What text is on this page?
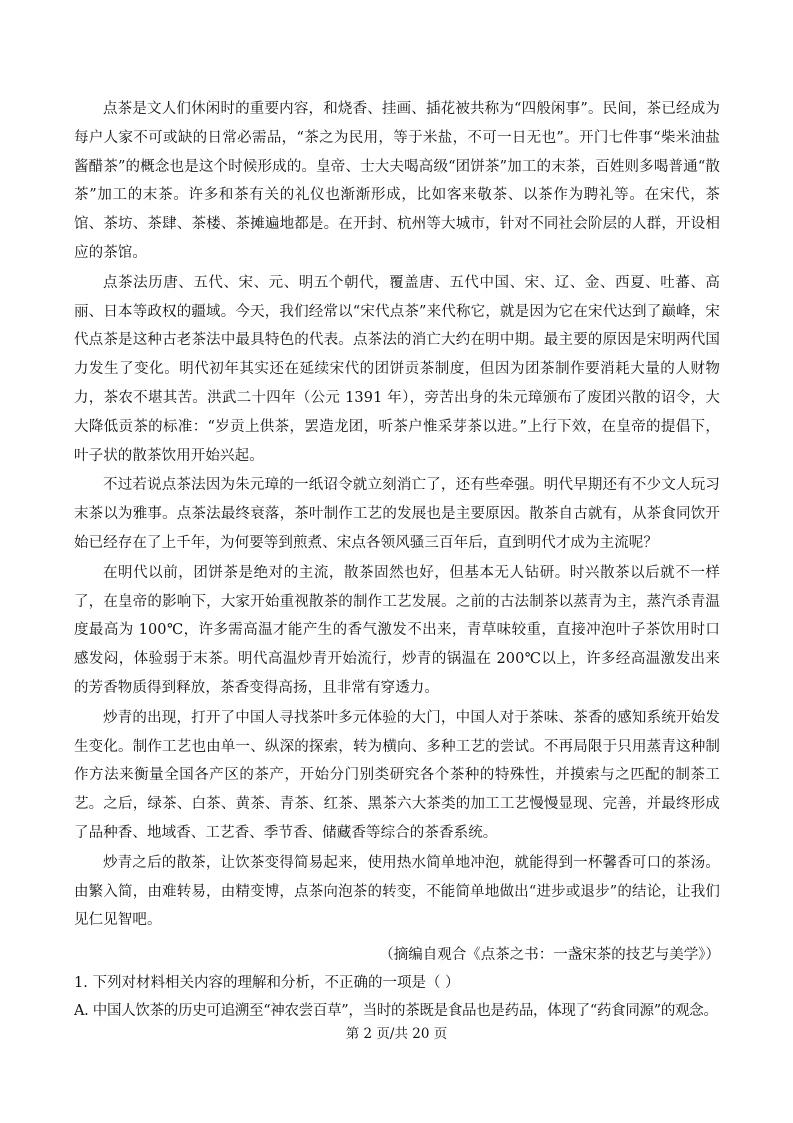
点茶是文人们休闲时的重要内容，和烧香、挂画、插花被共称为“四般闲事”。民间，茶已经成为每户人家不可或缺的日常必需品，“茶之为民用，等于米盐，不可一日无也”。开门七件事“柴米油盐酱醋茶”的概念也是这个时候形成的。皇帝、士大夫喝高级“团饼茶”加工的末茶，百姓则多喝普通“散茶”加工的末茶。许多和茶有关的礼仪也渐渐形成，比如客来敬茶、以茶作为聘礼等。在宋代，茶馆、茶坊、茶肆、茶楼、茶摊遍地都是。在开封、杭州等大城市，针对不同社会阶层的人群，开设相应的茶馆。

点茶法历唐、五代、宋、元、明五个朝代，覆盖唐、五代中国、宋、辽、金、西夏、吐蕃、高丽、日本等政权的疆域。今天，我们经常以“宋代点茶”来代称它，就是因为它在宋代达到了巅峰，宋代点茶是这种古老茶法中最具特色的代表。点茶法的消亡大约在明中期。最主要的原因是宋明两代国力发生了变化。明代初年其实还在延续宋代的团饼贡茶制度，但因为团茶制作要消耗大量的人财物力，茶农不堪其苦。洪武二十四年（公元 1391 年），旁苦出身的朱元璋颁布了废团兴散的诏令，大大降低贡茶的标准：“岁贡上供茶，罢造龙团，听茶户惟采芽茶以进。”上行下效，在皇帝的提倡下，叶子状的散茶饮用开始兴起。

不过若说点茶法因为朱元璋的一纸诏令就立刻消亡了，还有些牵强。明代早期还有不少文人玩习末茶以为雅事。点茶法最终衰落，茶叶制作工艺的发展也是主要原因。散茶自古就有，从茶食同饮开始已经存在了上千年，为何要等到煎煮、宋点各领风骚三百年后，直到明代才成为主流呢？

在明代以前，团饼茶是绝对的主流，散茶固然也好，但基本无人钻研。时兴散茶以后就不一样了，在皇帝的影响下，大家开始重视散茶的制作工艺发展。之前的古法制茶以蒸青为主，蒸汽杀青温度最高为 100℃，许多需高温才能产生的香气激发不出来，青草味较重，直接冲泡叶子茶饮用时口感发闷，体验弱于末茶。明代高温炒青开始流行，炒青的锅温在 200℃以上，许多经高温激发出来的芳香物质得到释放，茶香变得高扬，且非常有穿透力。

炒青的出现，打开了中国人寻找茶叶多元体验的大门，中国人对于茶味、茶香的感知系统开始发生变化。制作工艺也由单一、纵深的探索，转为横向、多种工艺的尝试。不再局限于只用蒸青这种制作方法来衡量全国各产区的茶产，开始分门别类研究各个茶种的特殊性，并摸索与之匹配的制茶工艺。之后，绿茶、白茶、黄茶、青茶、红茶、黑茶六大茶类的加工工艺慢慢显现、完善，并最终形成了品种香、地域香、工艺香、季节香、储藏香等综合的茶香系统。

炒青之后的散茶，让饮茶变得简易起来，使用热水简单地冲泡，就能得到一杯馨香可口的茶汤。由繁入简，由难转易，由精变博，点茶向泡茶的转变，不能简单地做出“进步或退步”的结论，让我们见仁见智吧。

（摘编自观合《点茶之书：一盏宋茶的技艺与美学》）

1. 下列对材料相关内容的理解和分析，不正确的一项是（ ）

A. 中国人饮茶的历史可追溯至“神农尝百草”，当时的茶既是食品也是药品，体现了“药食同源”的观念。

第 2 页/共 20 页
